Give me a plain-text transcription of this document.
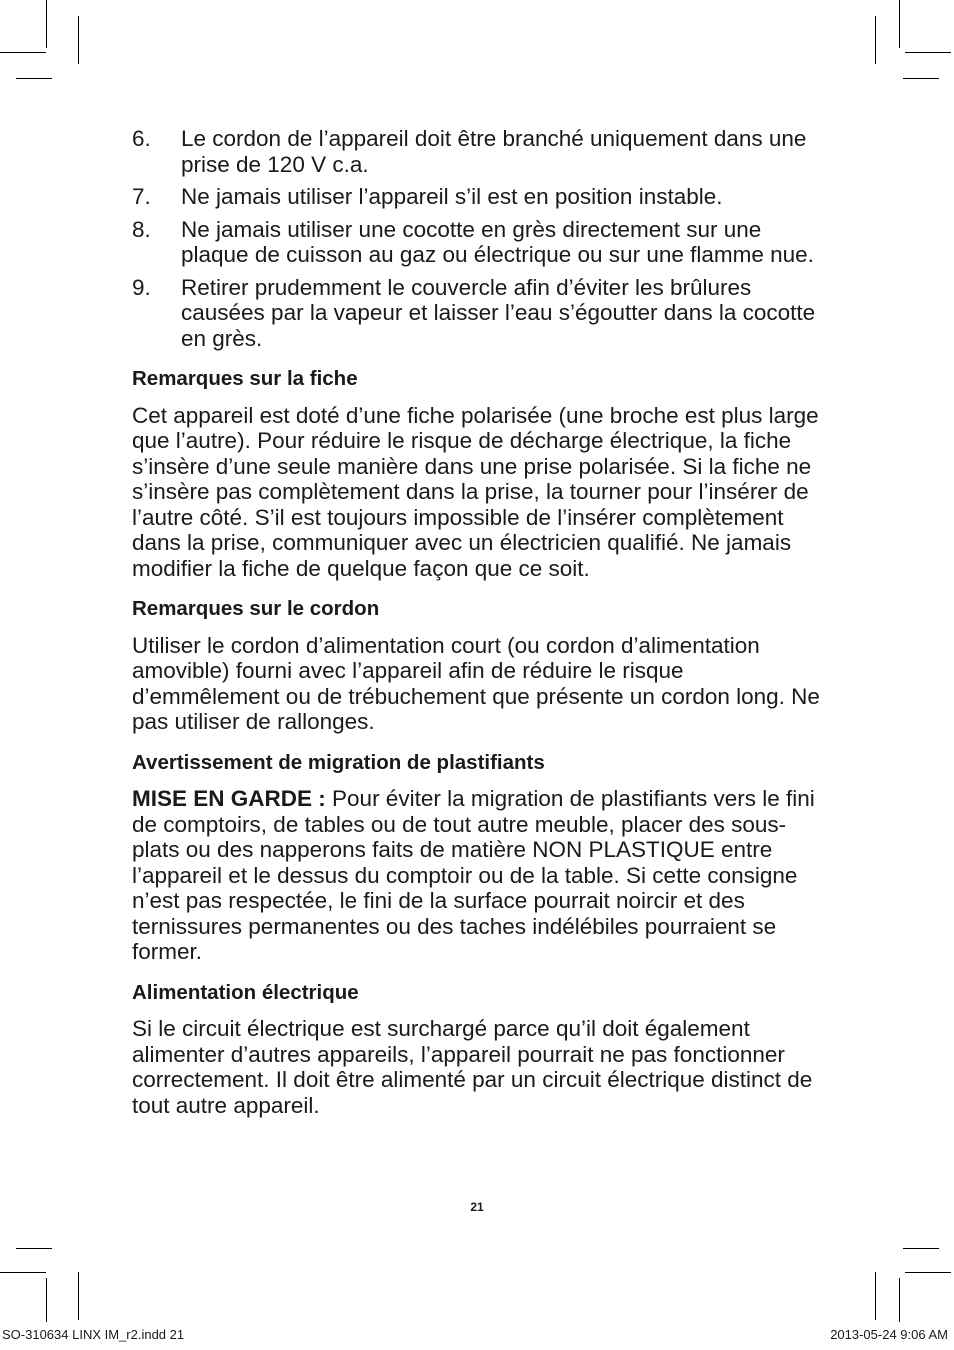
6. Le cordon de l’appareil doit être branché uniquement dans une prise de 120 V c.a.
7. Ne jamais utiliser l’appareil s’il est en position instable.
8. Ne jamais utiliser une cocotte en grès directement sur une plaque de cuisson au gaz ou électrique ou sur une flamme nue.
9. Retirer prudemment le couvercle afin d’éviter les brûlures causées par la vapeur et laisser l’eau s’égoutter dans la cocotte en grès.
Remarques sur la fiche

Cet appareil est doté d’une fiche polarisée (une broche est plus large que l’autre). Pour réduire le risque de décharge électrique, la fiche s’insère d’une seule manière dans une prise polarisée. Si la fiche ne s’insère pas complètement dans la prise, la tourner pour l’insérer de l’autre côté. S’il est toujours impossible de l’insérer complètement dans la prise, communiquer avec un électricien qualifié. Ne jamais modifier la fiche de quelque façon que ce soit.

Remarques sur le cordon

Utiliser le cordon d’alimentation court (ou cordon d’alimentation amovible) fourni avec l’appareil afin de réduire le risque d’emmêlement ou de trébuchement que présente un cordon long. Ne pas utiliser de rallonges.

Avertissement de migration de plastifiants

MISE EN GARDE : Pour éviter la migration de plastifiants vers le fini de comptoirs, de tables ou de tout autre meuble, placer des sous-plats ou des napperons faits de matière NON PLASTIQUE entre l’appareil et le dessus du comptoir ou de la table. Si cette consigne n’est pas respectée, le fini de la surface pourrait noircir et des ternissures permanentes ou des taches indélébiles pourraient se former.

Alimentation électrique

Si le circuit électrique est surchargé parce qu’il doit également alimenter d’autres appareils, l’appareil pourrait ne pas fonctionner correctement. Il doit être alimenté par un circuit électrique distinct de tout autre appareil.

21
SO-310634 LINX IM_r2.indd 21	2013-05-24 9:06 AM
